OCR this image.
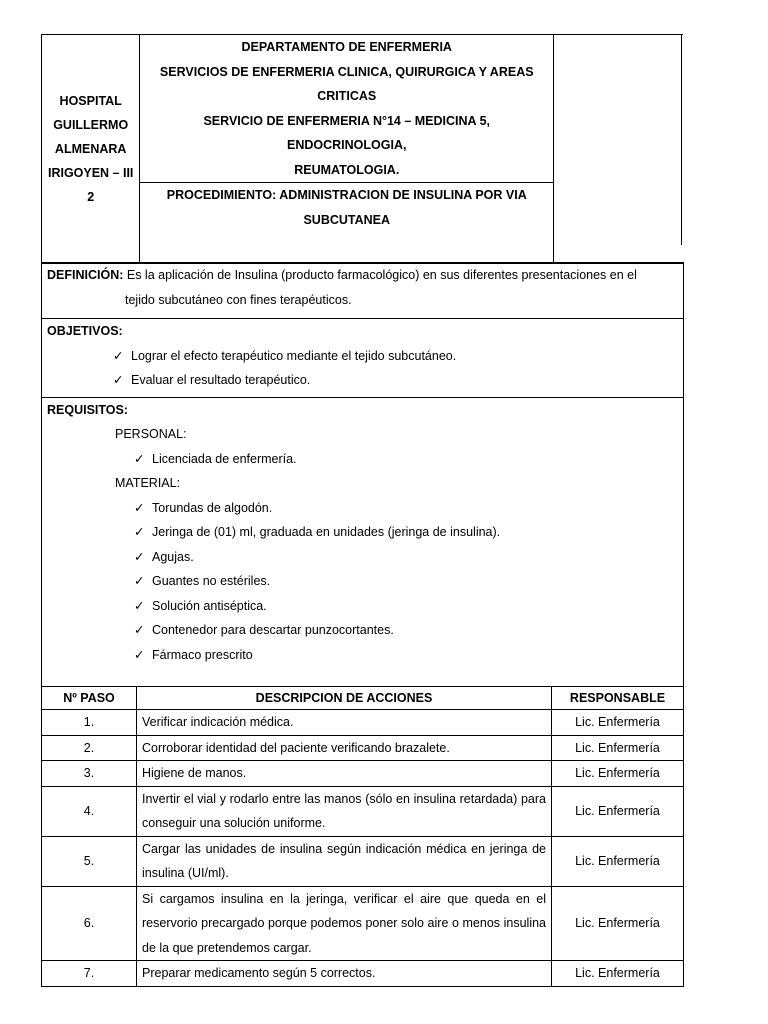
HOSPITAL
GUILLERMO
ALMENARA
IRIGOYEN – III
2

DEPARTAMENTO DE ENFERMERIA
SERVICIOS DE ENFERMERIA CLINICA, QUIRURGICA Y AREAS
CRITICAS
SERVICIO DE ENFERMERIA N°14 – MEDICINA 5, ENDOCRINOLOGIA,
REUMATOLOGIA.

PROCEDIMIENTO: ADMINISTRACION DE INSULINA POR VIA
SUBCUTANEA
DEFINICIÓN: Es la aplicación de Insulina (producto farmacológico) en sus diferentes presentaciones en el
tejido subcutáneo con fines terapéuticos.
OBJETIVOS:
✓ Lograr el efecto terapéutico mediante el tejido subcutáneo.
✓ Evaluar el resultado terapéutico.
REQUISITOS:
PERSONAL:
✓ Licenciada de enfermería.
MATERIAL:
✓ Torundas de algodón.
✓ Jeringa de (01) ml, graduada en unidades (jeringa de insulina).
✓ Agujas.
✓ Guantes no estériles.
✓ Solución antiséptica.
✓ Contenedor para descartar punzocortantes.
✓ Fármaco prescrito
Nº PASO	DESCRIPCION DE ACCIONES	RESPONSABLE
1.	Verificar indicación médica.	Lic. Enfermería
2.	Corroborar identidad del paciente verificando brazalete.	Lic. Enfermería
3.	Higiene de manos.	Lic. Enfermería
4.	Invertir el vial y rodarlo entre las manos (sólo en insulina retardada) para conseguir una solución uniforme.	Lic. Enfermería
5.	Cargar las unidades de insulina según indicación médica en jeringa de insulina (UI/ml).	Lic. Enfermería
6.	Si cargamos insulina en la jeringa, verificar el aire que queda en el reservorio precargado porque podemos poner solo aire o menos insulina de la que pretendemos cargar.	Lic. Enfermería
7.	Preparar medicamento según 5 correctos.	Lic. Enfermería
